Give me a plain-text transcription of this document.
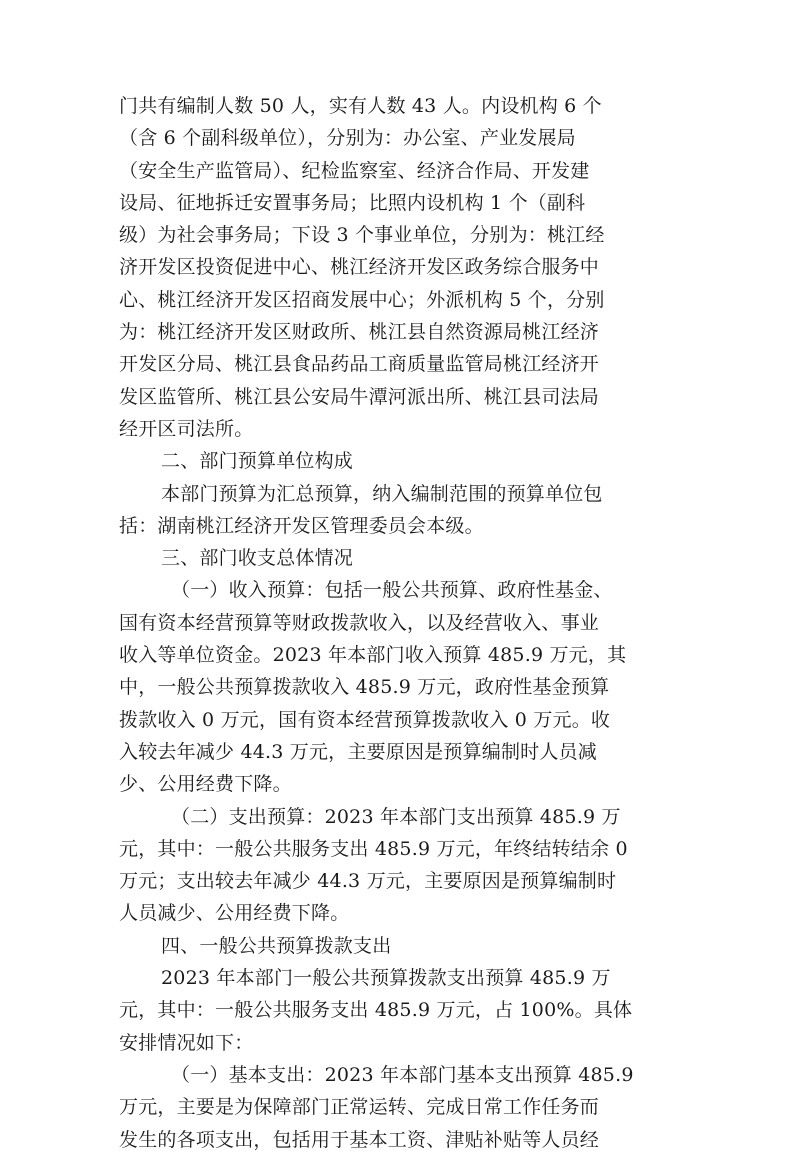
门共有编制人数 50 人，实有人数 43 人。内设机构 6 个
（含 6 个副科级单位），分别为：办公室、产业发展局
（安全生产监管局）、纪检监察室、经济合作局、开发建
设局、征地拆迁安置事务局；比照内设机构 1 个（副科
级）为社会事务局；下设 3 个事业单位，分别为：桃江经
济开发区投资促进中心、桃江经济开发区政务综合服务中
心、桃江经济开发区招商发展中心；外派机构 5 个，分别
为：桃江经济开发区财政所、桃江县自然资源局桃江经济
开发区分局、桃江县食品药品工商质量监管局桃江经济开
发区监管所、桃江县公安局牛潭河派出所、桃江县司法局
经开区司法所。
二、部门预算单位构成
本部门预算为汇总预算，纳入编制范围的预算单位包
括：湖南桃江经济开发区管理委员会本级。
三、部门收支总体情况
（一）收入预算：包括一般公共预算、政府性基金、
国有资本经营预算等财政拨款收入，以及经营收入、事业
收入等单位资金。2023 年本部门收入预算 485.9 万元，其
中，一般公共预算拨款收入 485.9 万元，政府性基金预算
拨款收入 0 万元，国有资本经营预算拨款收入 0 万元。收
入较去年减少 44.3 万元，主要原因是预算编制时人员减
少、公用经费下降。
（二）支出预算：2023 年本部门支出预算 485.9 万
元，其中：一般公共服务支出 485.9 万元，年终结转结余 0
万元；支出较去年减少 44.3 万元，主要原因是预算编制时
人员减少、公用经费下降。
四、一般公共预算拨款支出
2023 年本部门一般公共预算拨款支出预算 485.9 万
元，其中：一般公共服务支出 485.9 万元，占 100%。具体
安排情况如下：
（一）基本支出：2023 年本部门基本支出预算 485.9
万元，主要是为保障部门正常运转、完成日常工作任务而
发生的各项支出，包括用于基本工资、津贴补贴等人员经
